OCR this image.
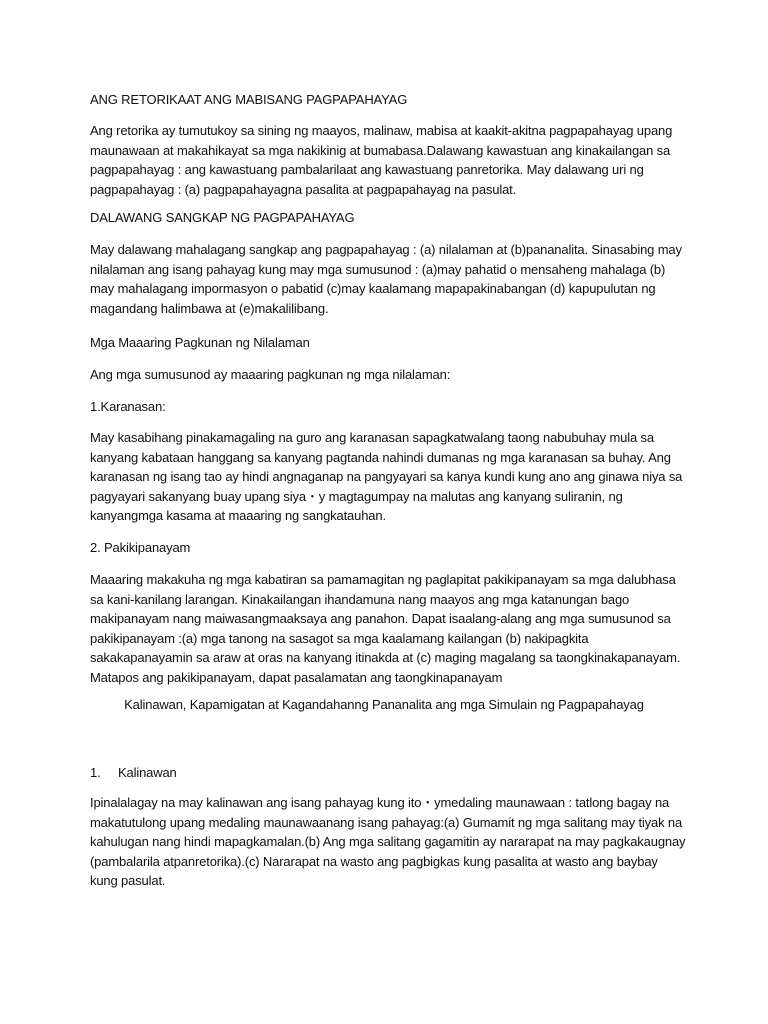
ANG RETORIKAAT ANG MABISANG PAGPAPAHAYAG
Ang retorika ay tumutukoy sa sining ng maayos, malinaw, mabisa at kaakit-akitna pagpapahayag upang
maunawaan at makahikayat sa mga nakikinig at bumabasa.Dalawang kawastuan ang kinakailangan sa
pagpapahayag : ang kawastuang pambalarilaat ang kawastuang panretorika. May dalawang uri ng
pagpapahayag : (a) pagpapahayagna pasalita at pagpapahayag na pasulat.
DALAWANG SANGKAP NG PAGPAPAHAYAG
May dalawang mahalagang sangkap ang pagpapahayag : (a) nilalaman at (b)pananalita. Sinasabing may
nilalaman ang isang pahayag kung may mga sumusunod : (a)may pahatid o mensaheng mahalaga (b)
may mahalagang impormasyon o pabatid (c)may kaalamang mapapakinabangan (d) kapupulutan ng
magandang halimbawa at (e)makalilibang.
Mga Maaaring Pagkunan ng Nilalaman
Ang mga sumusunod ay maaaring pagkunan ng mga nilalaman:
1.Karanasan:
May kasabihang pinakamagaling na guro ang karanasan sapagkatwalang taong nabubuhay mula sa
kanyang kabataan hanggang sa kanyang pagtanda nahindi dumanas ng mga karanasan sa buhay. Ang
karanasan ng isang tao ay hindi angnaganap na pangyayari sa kanya kundi kung ano ang ginawa niya sa
pagyayari sakanyang buay upang siya・y magtagumpay na malutas ang kanyang suliranin, ng
kanyangmga kasama at maaaring ng sangkatauhan.
2. Pakikipanayam
Maaaring makakuha ng mga kabatiran sa pamamagitan ng paglapitat pakikipanayam sa mga dalubhasa
sa kani-kanilang larangan. Kinakailangan ihandamuna nang maayos ang mga katanungan bago
makipanayam nang maiwasangmaaksaya ang panahon. Dapat isaalang-alang ang mga sumusunod sa
pakikipanayam :(a) mga tanong na sasagot sa mga kaalamang kailangan (b) nakipagkita
sakakapanayamin sa araw at oras na kanyang itinakda at (c) maging magalang sa taongkinakapanayam.
Matapos ang pakikipanayam, dapat pasalamatan ang taongkinapanayam
Kalinawan, Kapamigatan at Kagandahanng Pananalita ang mga Simulain ng Pagpapahayag
1. Kalinawan
Ipinalalagay na may kalinawan ang isang pahayag kung ito・ymedaling maunawaan : tatlong bagay na
makatutulong upang medaling maunawaanang isang pahayag:(a) Gumamit ng mga salitang may tiyak na
kahulugan nang hindi mapagkamalan.(b) Ang mga salitang gagamitin ay nararapat na may pagkakaugnay
(pambalarila atpanretorika).(c) Nararapat na wasto ang pagbigkas kung pasalita at wasto ang baybay
kung pasulat.
